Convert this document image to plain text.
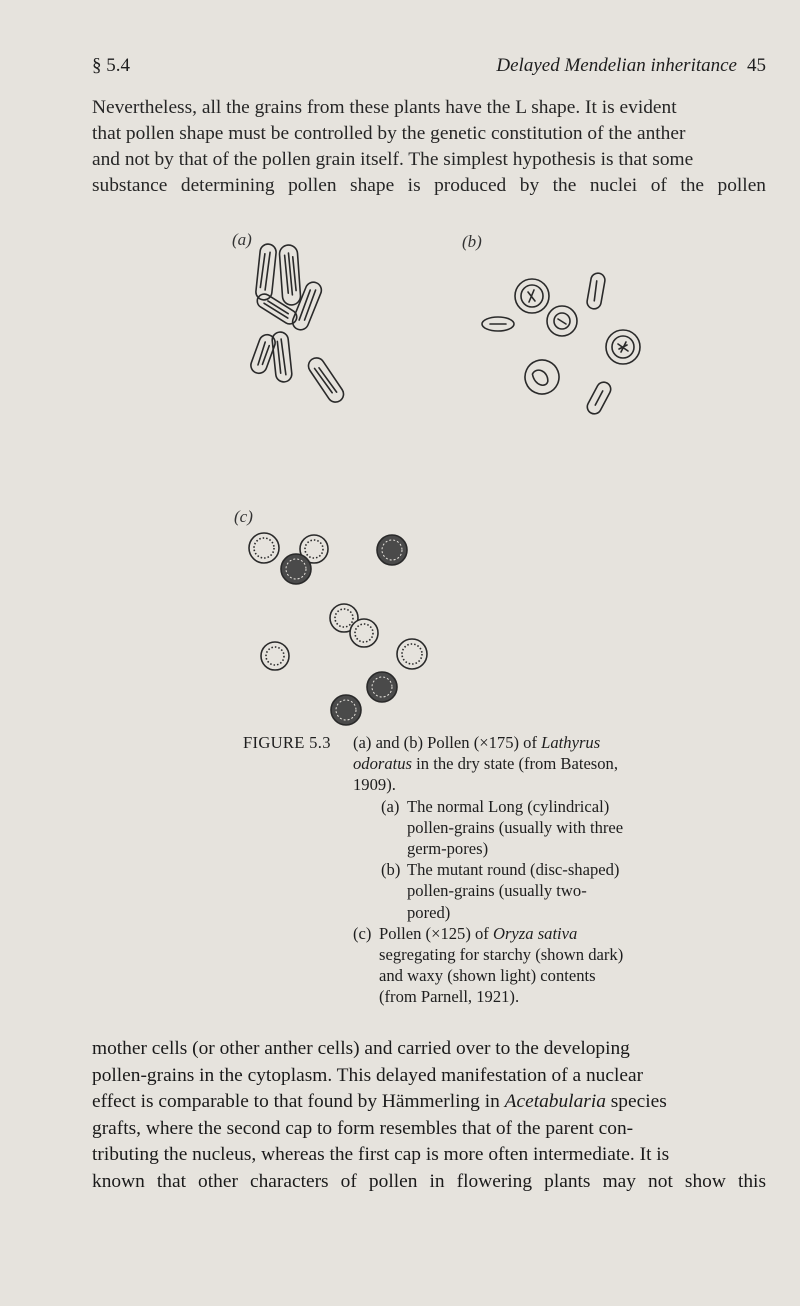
§ 5.4	Delayed Mendelian inheritance 45
Nevertheless, all the grains from these plants have the L shape. It is evident
that pollen shape must be controlled by the genetic constitution of the anther
and not by that of the pollen grain itself. The simplest hypothesis is that some
substance determining pollen shape is produced by the nuclei of the pollen
(a)	(b)
(c)
FIGURE 5.3 (a) and (b) Pollen (×175) of Lathyrus odoratus in the dry state (from Bateson, 1909).

(a) The normal Long (cylindrical) pollen-grains (usually with three germ-pores)

(b) The mutant round (disc-shaped) pollen-grains (usually two-pored)

(c) Pollen (×125) of Oryza sativa segregating for starchy (shown dark) and waxy (shown light) contents (from Parnell, 1921).

mother cells (or other anther cells) and carried over to the developing
pollen-grains in the cytoplasm. This delayed manifestation of a nuclear
effect is comparable to that found by Hämmerling in Acetabularia species
grafts, where the second cap to form resembles that of the parent con-
tributing the nucleus, whereas the first cap is more often intermediate. It is
known that other characters of pollen in flowering plants may not show this
